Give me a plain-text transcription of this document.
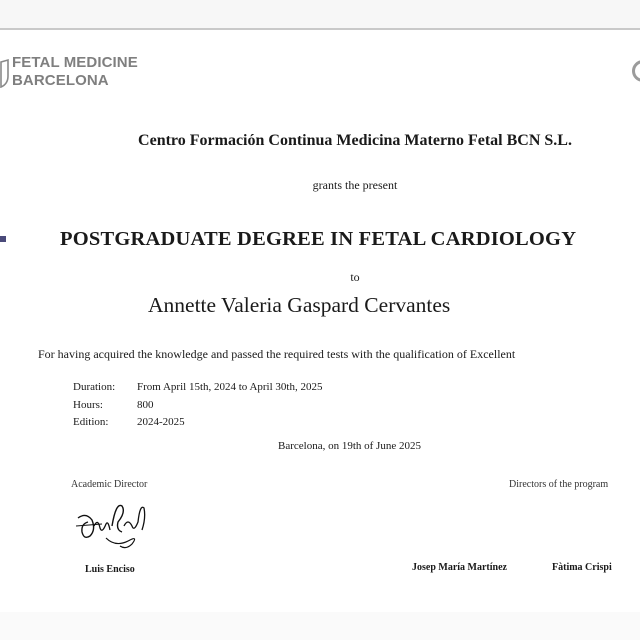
FETAL MEDICINE
BARCELONA
Centro Formación Continua Medicina Materno Fetal BCN S.L.
grants the present
POSTGRADUATE DEGREE IN FETAL CARDIOLOGY
to
Annette Valeria Gaspard Cervantes
For having acquired the knowledge and passed the required tests with the qualification of Excellent
Duration: From April 15th, 2024 to April 30th, 2025
Hours:	800
Edition:	2024-2025
Barcelona, on 19th of June 2025
Academic Director	Directors of the program
Luis Enciso	Josep María Martínez	Fàtima Crispi
